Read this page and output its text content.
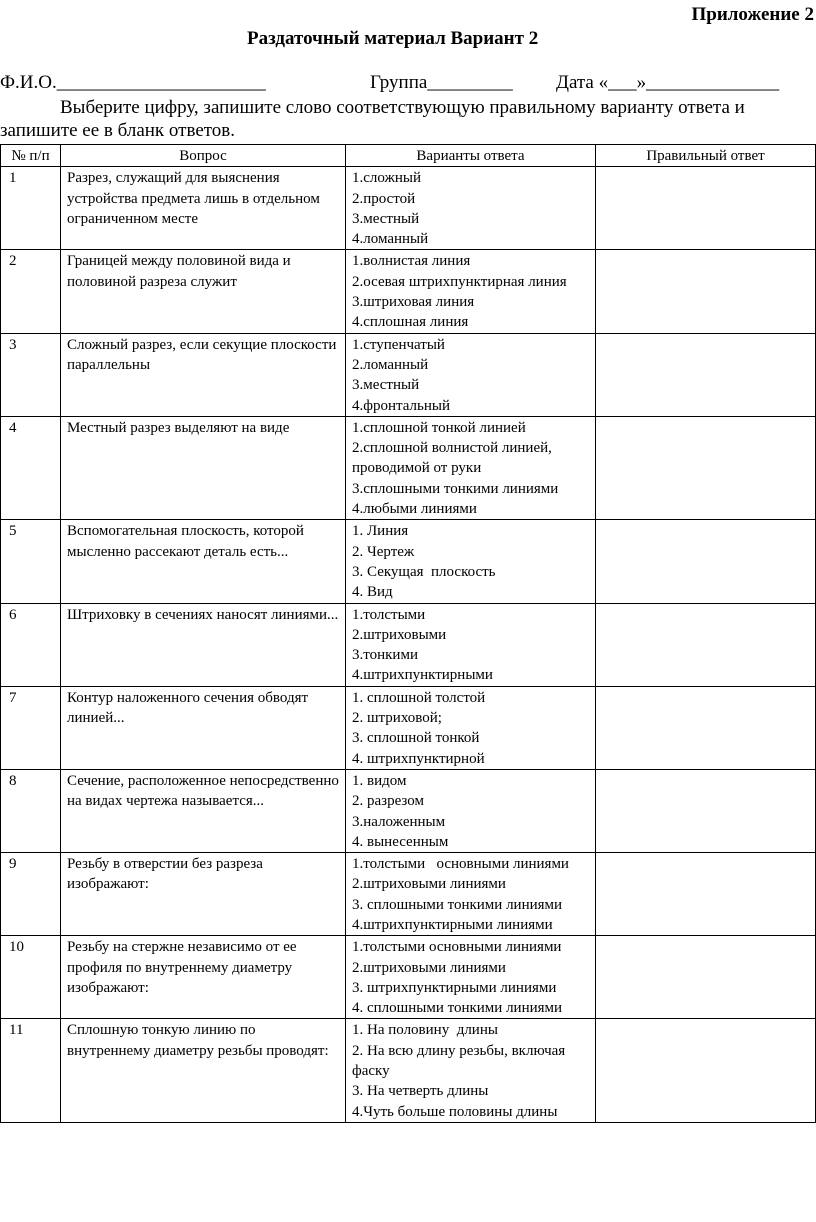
Приложение 2
Раздаточный материал Вариант 2
Ф.И.О.______________________	Группа_________ Дата «___»______________

Выберите цифру, запишите слово соответствующую правильному варианту ответа и запишите ее в бланк ответов.

№ п/п	Вопрос	Варианты ответа	Правильный ответ
1	Разрез, служащий для выяснения устройства предмета лишь в отдельном ограниченном месте	1.сложный
2.простой
3.местный
4.ломанный	

2	Границей между половиной вида и половиной разреза служит	1.волнистая линия
2.осевая штрихпунктирная линия
3.штриховая линия
4.сплошная линия	

3	Сложный разрез, если секущие плоскости параллельны	1.ступенчатый
2.ломанный
3.местный
4.фронтальный	

4	Местный разрез выделяют на виде	1.сплошной тонкой линией
2.сплошной волнистой линией, проводимой от руки
3.сплошными тонкими линиями
4.любыми линиями	

5	Вспомогательная плоскость, которой мысленно рассекают деталь есть...	1. Линия
2. Чертеж
3. Секущая  плоскость
4. Вид	

6	Штриховку в сечениях наносят линиями...	1.толстыми
2.штриховыми
3.тонкими
4.штрихпунктирными	

7	Контур наложенного сечения обводят линией...	1. сплошной толстой
2. штриховой;
3. сплошной тонкой
4. штрихпунктирной	

8	Сечение, расположенное непосредственно на видах чертежа называется...	1. видом
2. разрезом
3.наложенным
4. вынесенным	

9	Резьбу в отверстии без разреза изображают:	1.толстыми   основными линиями
2.штриховыми линиями
3. сплошными тонкими линиями
4.штрихпунктирными линиями	

10	Резьбу на стержне независимо от ее профиля по внутреннему диаметру изображают:	1.толстыми основными линиями
2.штриховыми линиями
3. штрихпунктирными линиями
4. сплошными тонкими линиями	

11	Сплошную тонкую линию по внутреннему диаметру резьбы проводят:	1. На половину  длины
2. На всю длину резьбы, включая фаску
3. На четверть длины
4.Чуть больше половины длины	
